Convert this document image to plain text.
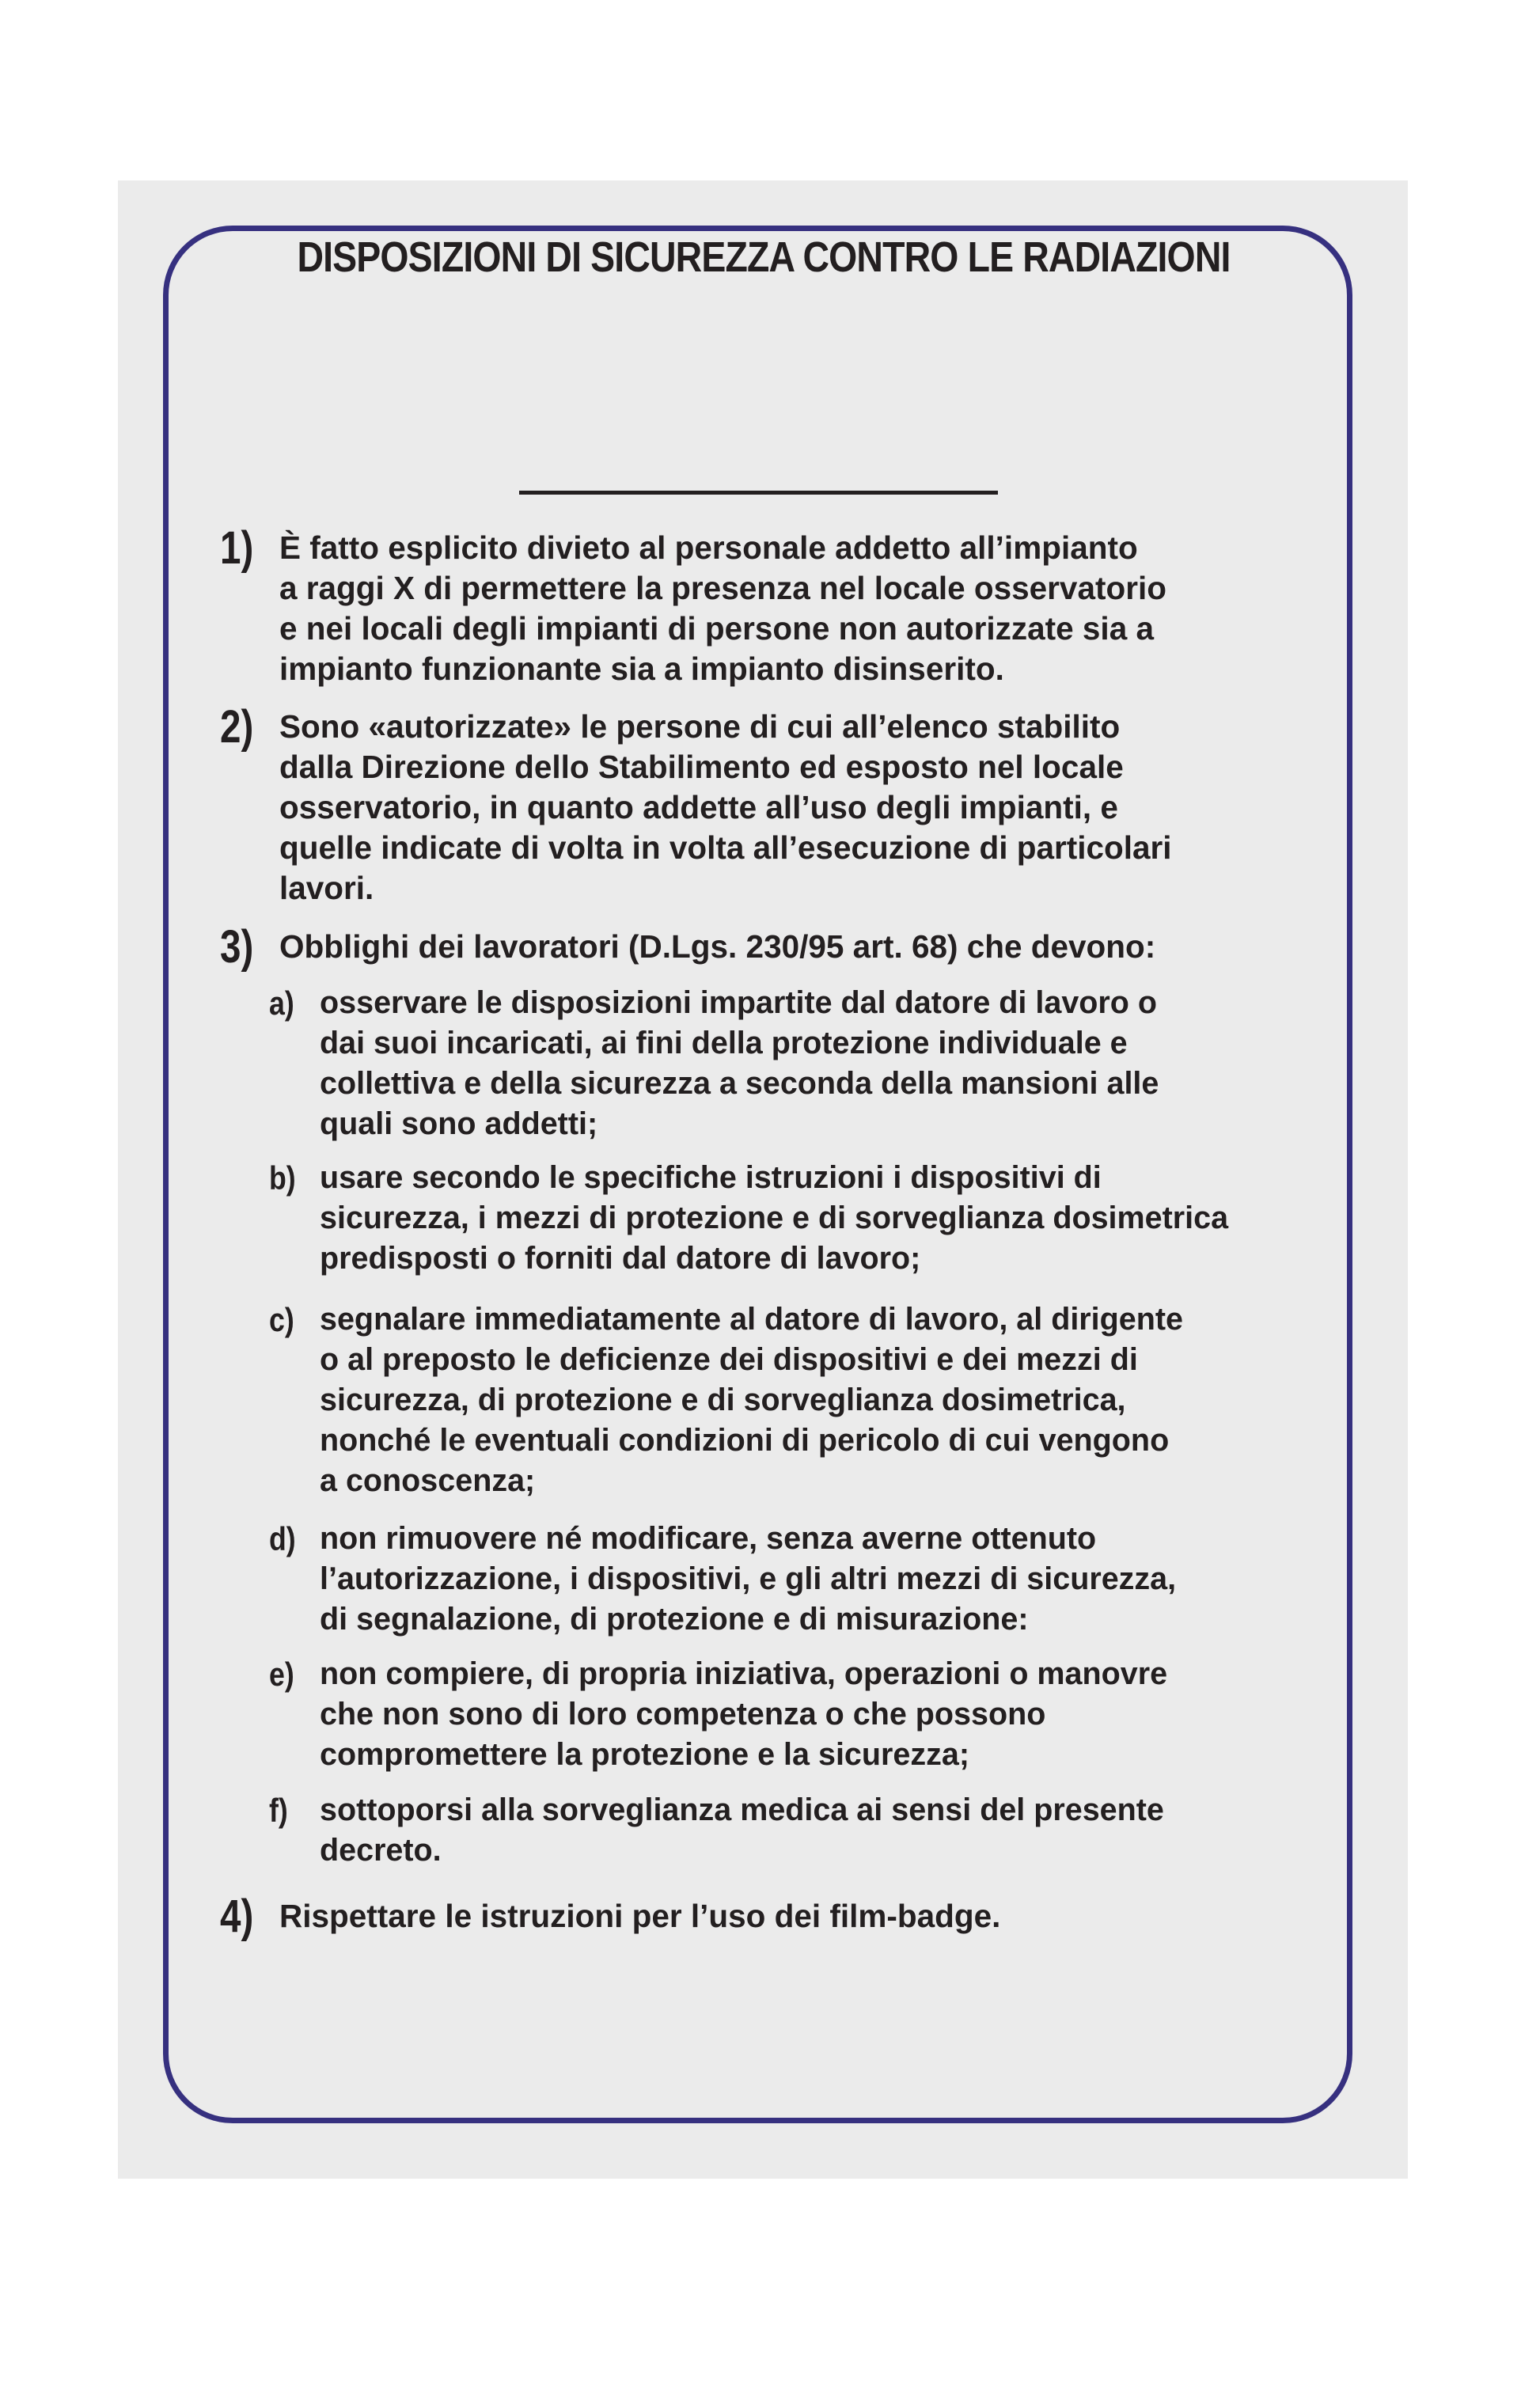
DISPOSIZIONI DI SICUREZZA CONTRO LE RADIAZIONI
1) È fatto esplicito divieto al personale addetto all’impianto
a raggi X di permettere la presenza nel locale osservatorio
e nei locali degli impianti di persone non autorizzate sia a
impianto funzionante sia a impianto disinserito.

2) Sono «autorizzate» le persone di cui all’elenco stabilito
dalla Direzione dello Stabilimento ed esposto nel locale
osservatorio, in quanto addette all’uso degli impianti, e
quelle indicate di volta in volta all’esecuzione di particolari
lavori.

3) Obblighi dei lavoratori (D.Lgs. 230/95 art. 68) che devono:

a) osservare le disposizioni impartite dal datore di lavoro o
dai suoi incaricati, ai fini della protezione individuale e
collettiva e della sicurezza a seconda della mansioni alle
quali sono addetti;

b) usare secondo le specifiche istruzioni i dispositivi di
sicurezza, i mezzi di protezione e di sorveglianza dosimetrica
predisposti o forniti dal datore di lavoro;

c) segnalare immediatamente al datore di lavoro, al dirigente
o al preposto le deficienze dei dispositivi e dei mezzi di
sicurezza, di protezione e di sorveglianza dosimetrica,
nonché le eventuali condizioni di pericolo di cui vengono
a conoscenza;

d) non rimuovere né modificare, senza averne ottenuto
l’autorizzazione, i dispositivi, e gli altri mezzi di sicurezza,
di segnalazione, di protezione e di misurazione:

e) non compiere, di propria iniziativa, operazioni o manovre
che non sono di loro competenza o che possono
compromettere la protezione e la sicurezza;

f) sottoporsi alla sorveglianza medica ai sensi del presente
decreto.

4) Rispettare le istruzioni per l’uso dei film-badge.
